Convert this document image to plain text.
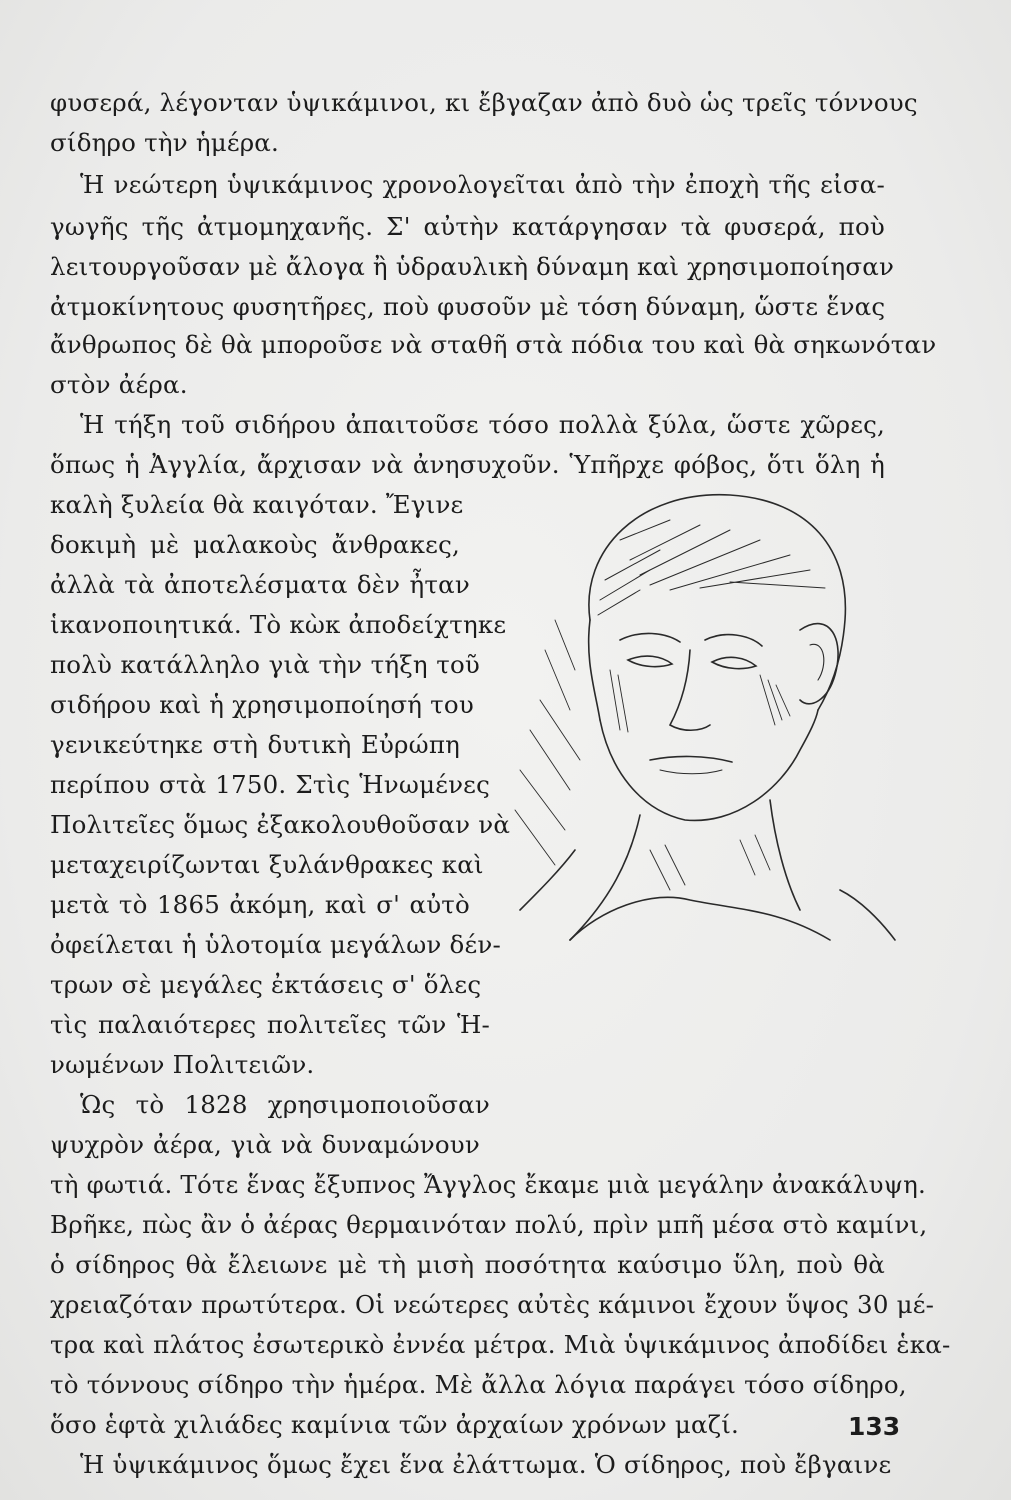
φυσερά, λέγονταν ὑψικάμινοι, κι ἔβγαζαν ἀπὸ δυὸ ὡς τρεῖς τόννους
σίδηρο τὴν ἡμέρα.
Ἡ νεώτερη ὑψικάμινος χρονολογεῖται ἀπὸ τὴν ἐποχὴ τῆς εἰσα-
γωγῆς τῆς ἀτμομηχανῆς. Σ' αὐτὴν κατάργησαν τὰ φυσερά, ποὺ
λειτουργοῦσαν μὲ ἄλογα ἢ ὑδραυλικὴ δύναμη καὶ χρησιμοποίησαν
ἀτμοκίνητους φυσητῆρες, ποὺ φυσοῦν μὲ τόση δύναμη, ὥστε ἕνας
ἄνθρωπος δὲ θὰ μποροῦσε νὰ σταθῆ στὰ πόδια του καὶ θὰ σηκωνόταν
στὸν ἀέρα.
Ἡ τήξη τοῦ σιδήρου ἀπαιτοῦσε τόσο πολλὰ ξύλα, ὥστε χῶρες,
ὅπως ἡ Ἀγγλία, ἄρχισαν νὰ ἀνησυχοῦν. Ὑπῆρχε φόβος, ὅτι ὅλη ἡ
καλὴ ξυλεία θὰ καιγόταν. Ἔγινε
δοκιμὴ μὲ μαλακοὺς ἄνθρακες,
ἀλλὰ τὰ ἀποτελέσματα δὲν ἦταν
ἱκανοποιητικά. Τὸ κὼκ ἀποδείχτηκε
πολὺ κατάλληλο γιὰ τὴν τήξη τοῦ
σιδήρου καὶ ἡ χρησιμοποίησή του
γενικεύτηκε στὴ δυτικὴ Εὐρώπη
περίπου στὰ 1750. Στὶς Ἡνωμένες
Πολιτεῖες ὅμως ἐξακολουθοῦσαν νὰ
μεταχειρίζωνται ξυλάνθρακες καὶ
μετὰ τὸ 1865 ἀκόμη, καὶ σ' αὐτὸ
ὀφείλεται ἡ ὑλοτομία μεγάλων δέν-
τρων σὲ μεγάλες ἐκτάσεις σ' ὅλες
τὶς παλαιότερες πολιτεῖες τῶν Ἡ-
νωμένων Πολιτειῶν.
Ὡς τὸ 1828 χρησιμοποιοῦσαν
ψυχρὸν ἀέρα, γιὰ νὰ δυναμώνουν
τὴ φωτιά. Τότε ἕνας ἔξυπνος Ἄγγλος ἔκαμε μιὰ μεγάλην ἀνακάλυψη.
Βρῆκε, πὼς ἂν ὁ ἀέρας θερμαινόταν πολύ, πρὶν μπῆ μέσα στὸ καμίνι,
ὁ σίδηρος θὰ ἔλειωνε μὲ τὴ μισὴ ποσότητα καύσιμο ὕλη, ποὺ θὰ
χρειαζόταν πρωτύτερα. Οἱ νεώτερες αὐτὲς κάμινοι ἔχουν ὕψος 30 μέ-
τρα καὶ πλάτος ἐσωτερικὸ ἐννέα μέτρα. Μιὰ ὑψικάμινος ἀποδίδει ἑκα-
τὸ τόννους σίδηρο τὴν ἡμέρα. Μὲ ἄλλα λόγια παράγει τόσο σίδηρο,
ὅσο ἑφτὰ χιλιάδες καμίνια τῶν ἀρχαίων χρόνων μαζί.
Ἡ ὑψικάμινος ὅμως ἔχει ἕνα ἐλάττωμα. Ὁ σίδηρος, ποὺ ἔβγαινε
133
